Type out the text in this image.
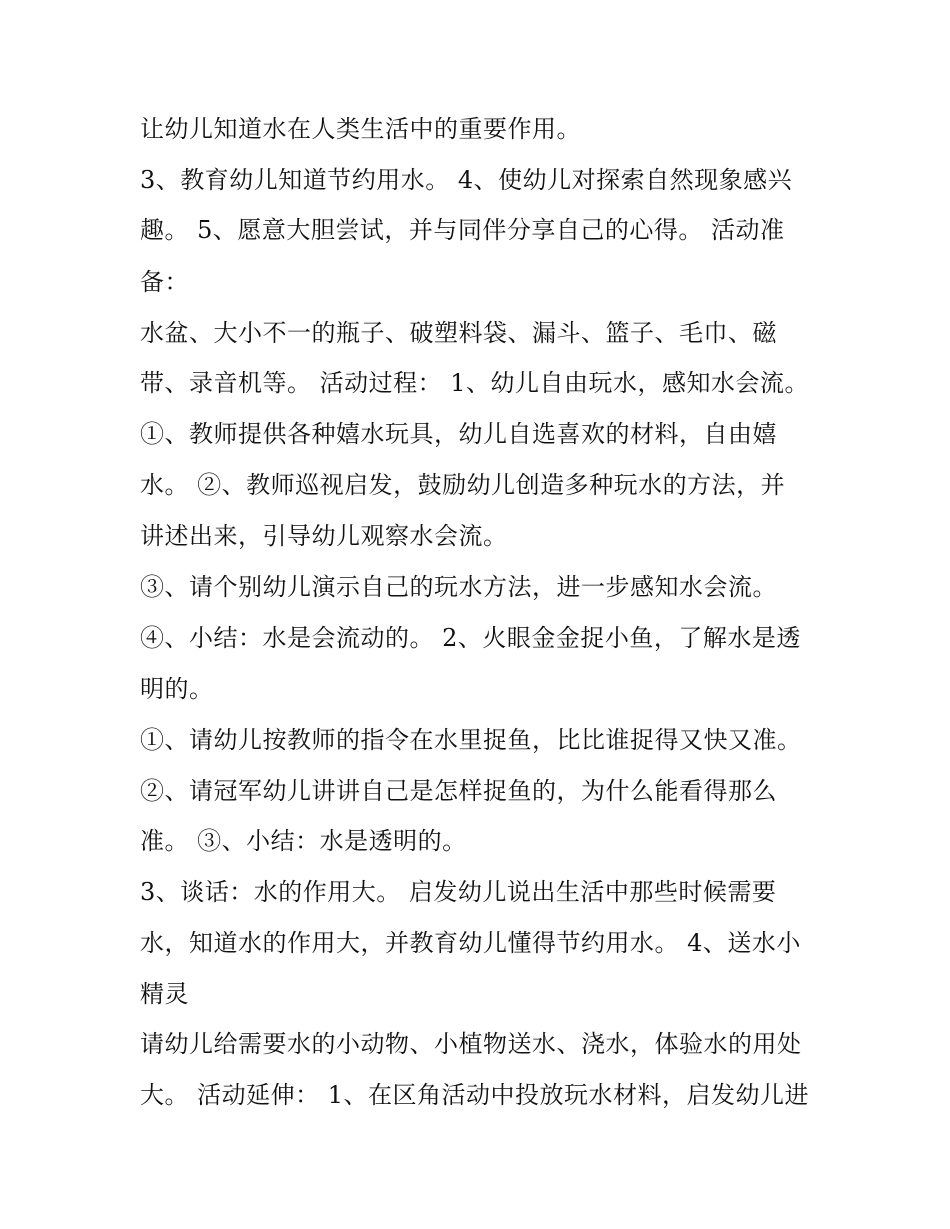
让幼儿知道水在人类生活中的重要作用。
3、教育幼儿知道节约用水。 4、使幼儿对探索自然现象感兴
趣。 5、愿意大胆尝试，并与同伴分享自己的心得。 活动准
备：
水盆、大小不一的瓶子、破塑料袋、漏斗、篮子、毛巾、磁
带、录音机等。 活动过程： 1、幼儿自由玩水，感知水会流。
①、教师提供各种嬉水玩具，幼儿自选喜欢的材料，自由嬉
水。 ②、教师巡视启发，鼓励幼儿创造多种玩水的方法，并
讲述出来，引导幼儿观察水会流。
③、请个别幼儿演示自己的玩水方法，进一步感知水会流。
④、小结：水是会流动的。 2、火眼金金捉小鱼，了解水是透
明的。
①、请幼儿按教师的指令在水里捉鱼，比比谁捉得又快又准。
②、请冠军幼儿讲讲自己是怎样捉鱼的，为什么能看得那么
准。 ③、小结：水是透明的。
3、谈话：水的作用大。 启发幼儿说出生活中那些时候需要
水，知道水的作用大，并教育幼儿懂得节约用水。 4、送水小
精灵
请幼儿给需要水的小动物、小植物送水、浇水，体验水的用处
大。 活动延伸： 1、在区角活动中投放玩水材料，启发幼儿进
